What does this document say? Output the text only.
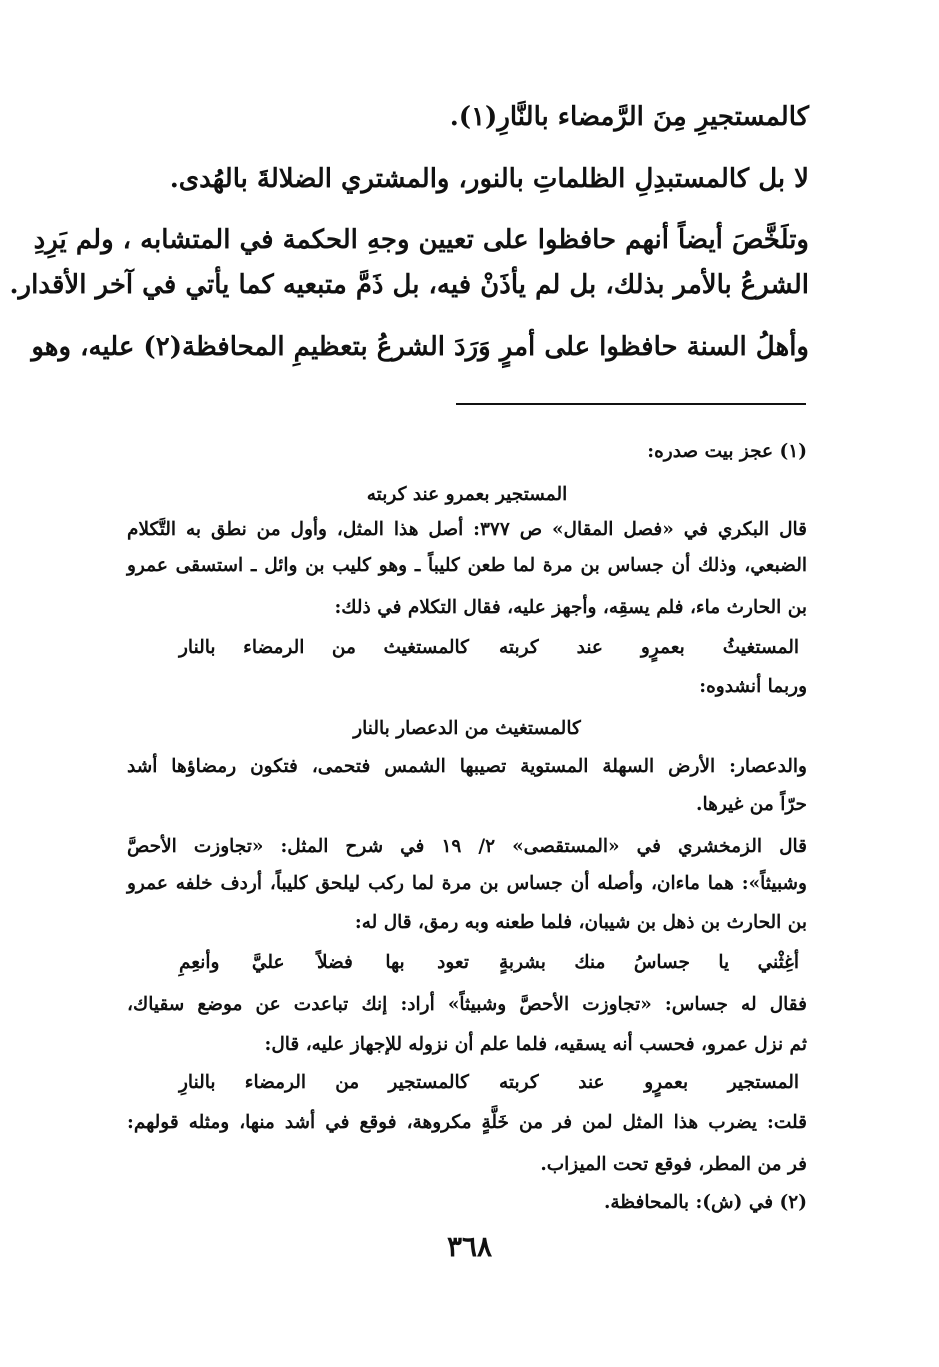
كالمستجيرِ مِنَ الرَّمضاء بالنَّارِ(١).
لا بل كالمستبدِلِ الظلماتِ بالنور، والمشتري الضلالةَ بالهُدى.
وتلَخَّصَ أيضاً أنهم حافظوا على تعيين وجهِ الحكمة في المتشابه ، ولم يَرِدِ
الشرعُ بالأمر بذلك، بل لم يأذَنْ فيه، بل ذَمَّ متبعيه كما يأتي في آخر الأقدار.
وأهلُ السنة حافظوا على أمرٍ وَرَدَ الشرعُ بتعظيمِ المحافظة(٢) عليه، وهو
(١) عجز بيت صدره:
المستجير بعمرو عند كربته
قال البكري في «فصل المقال» ص ٣٧٧: أصل هذا المثل، وأول من نطق به التَّكلام
الضبعي، وذلك أن جساس بن مرة لما طعن كليباً ـ وهو كليب بن وائل ـ استسقى عمرو
بن الحارث ماء، فلم يسقِه، وأجهز عليه، فقال التكلام في ذلك:
المستغيثُ بعمرٍو عند كربته
كالمستغيث من الرمضاء بالنار
وربما أنشدوه:
كالمستغيث من الدعصار بالنار
والدعصار: الأرض السهلة المستوية تصيبها الشمس فتحمى، فتكون رمضاؤها أشد
حرّاً من غيرها.
قال الزمخشري في «المستقصى» ٢/ ١٩ في شرح المثل: «تجاوزت الأحصَّ
وشبيثاً»: هما ماءان، وأصله أن جساس بن مرة لما ركب ليلحق كليباً، أردف خلفه عمرو
بن الحارث بن ذهل بن شيبان، فلما طعنه وبه رمق، قال له:
أغِثْني يا جساسُ منك بشربةٍ
تعود بها فضلاً عليَّ وأنعِمِ
فقال له جساس: «تجاوزت الأحصَّ وشبيثاً» أراد: إنك تباعدت عن موضع سقياك،
ثم نزل عمرو، فحسب أنه يسقيه، فلما علم أن نزوله للإجهاز عليه، قال:
المستجير بعمرٍو عند كربته
كالمستجير من الرمضاء بالنارِ
قلت: يضرب هذا المثل لمن فر من خَلَّةٍ مكروهة، فوقع في أشد منها، ومثله قولهم:
فر من المطر، فوقع تحت الميزاب.
(٢) في (ش): بالمحافظة.
٣٦٨
